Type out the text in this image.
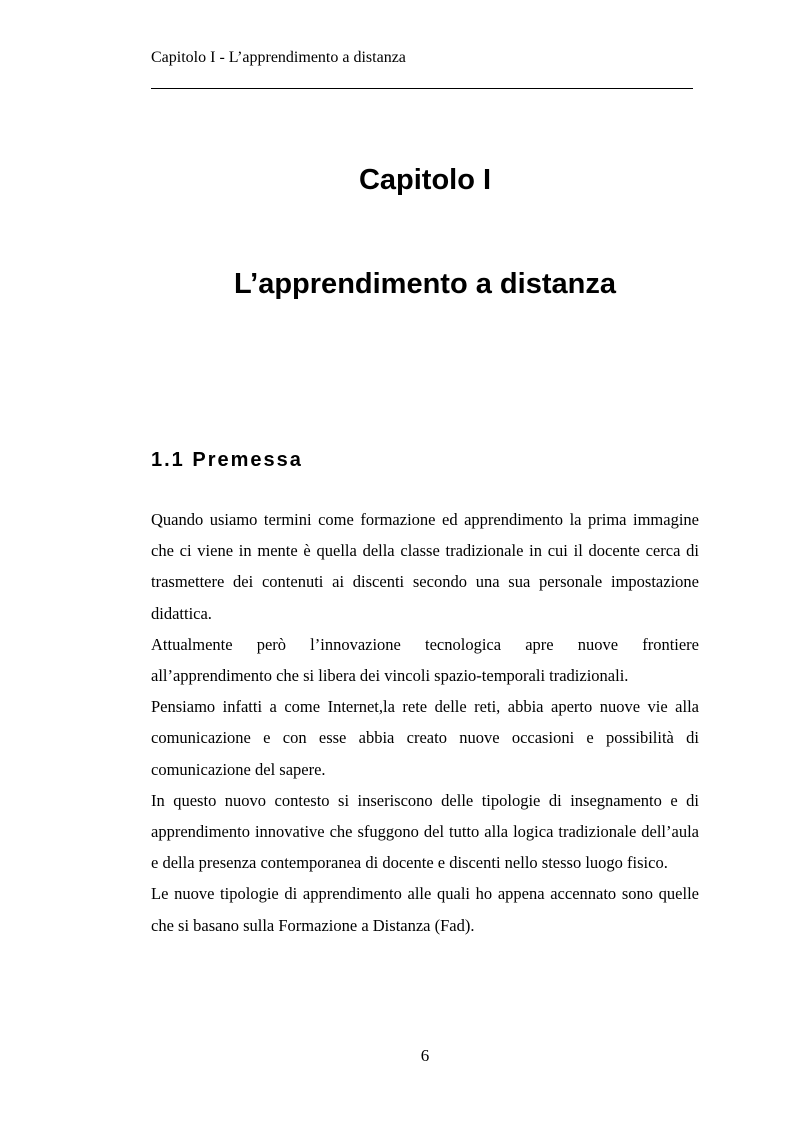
Capitolo I - L’apprendimento a distanza
Capitolo I
L’apprendimento a distanza
1.1 Premessa

Quando usiamo termini come formazione ed apprendimento la prima immagine che ci viene in mente è quella della classe tradizionale in cui il docente cerca di trasmettere dei contenuti ai discenti secondo una sua personale impostazione didattica.

Attualmente però l’innovazione tecnologica apre nuove frontiere all’apprendimento che si libera dei vincoli spazio-temporali tradizionali.

Pensiamo infatti a come Internet,la rete delle reti, abbia aperto nuove vie alla comunicazione e con esse abbia creato nuove occasioni e possibilità di comunicazione del sapere.

In questo nuovo contesto si inseriscono delle tipologie di insegnamento e di apprendimento innovative che sfuggono del tutto alla logica tradizionale dell’aula e della presenza contemporanea di docente e discenti nello stesso luogo fisico.

Le nuove tipologie di apprendimento alle quali ho appena accennato sono quelle che si basano sulla Formazione a Distanza (Fad).

6
